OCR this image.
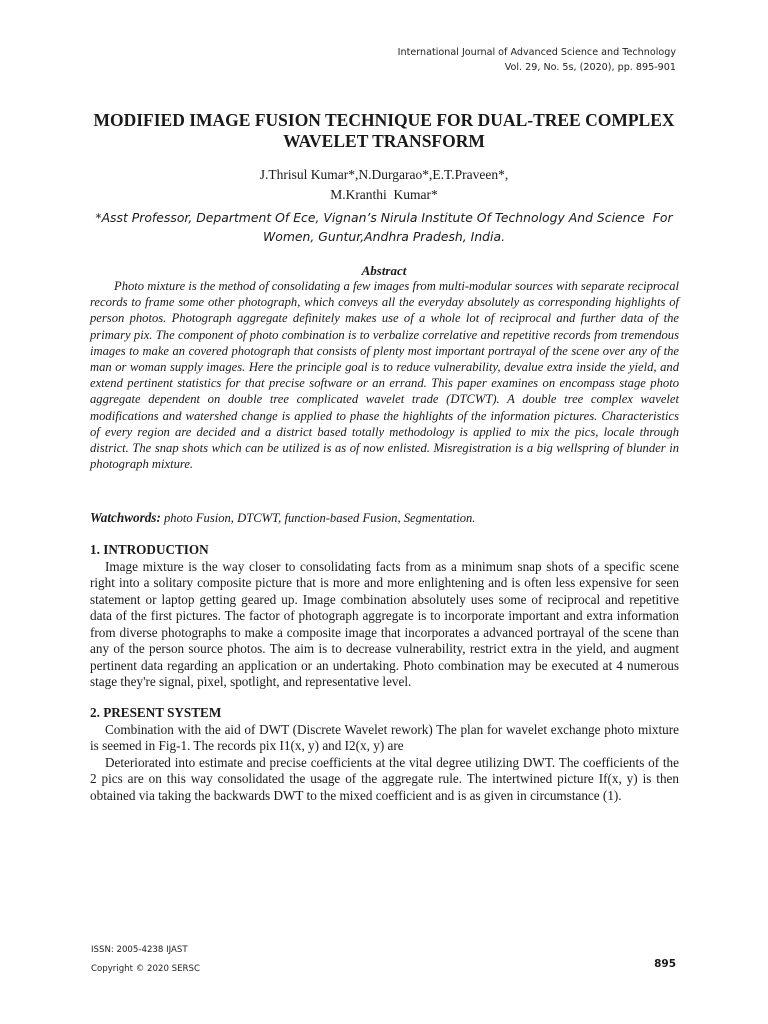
International Journal of Advanced Science and Technology
Vol. 29, No. 5s, (2020), pp. 895-901
MODIFIED IMAGE FUSION TECHNIQUE FOR DUAL-TREE COMPLEX
WAVELET TRANSFORM
J.Thrisul Kumar*,N.Durgarao*,E.T.Praveen*,
M.Kranthi  Kumar*
*Asst Professor, Department Of Ece, Vignan’s Nirula Institute Of Technology And Science  For
Women, Guntur,Andhra Pradesh, India.
Abstract

Photo mixture is the method of consolidating a few images from multi-modular sources with separate reciprocal records to frame some other photograph, which conveys all the everyday absolutely as corresponding highlights of person photos. Photograph aggregate definitely makes use of a whole lot of reciprocal and further data of the primary pix. The component of photo combination is to verbalize correlative and repetitive records from tremendous images to make an covered photograph that consists of plenty most important portrayal of the scene over any of the man or woman supply images. Here the principle goal is to reduce vulnerability, devalue extra inside the yield, and extend pertinent statistics for that precise software or an errand. This paper examines on encompass stage photo aggregate dependent on double tree complicated wavelet trade (DTCWT). A double tree complex wavelet modifications and watershed change is applied to phase the highlights of the information pictures. Characteristics of every region are decided and a district based totally methodology is applied to mix the pics, locale through district. The snap shots which can be utilized is as of now enlisted. Misregistration is a big wellspring of blunder in photograph mixture.

Watchwords: photo Fusion, DTCWT, function-based Fusion, Segmentation.
1. INTRODUCTION

Image mixture is the way closer to consolidating facts from as a minimum snap shots of a specific scene right into a solitary composite picture that is more and more enlightening and is often less expensive for seen statement or laptop getting geared up. Image combination absolutely uses some of reciprocal and repetitive data of the first pictures. The factor of photograph aggregate is to incorporate important and extra information from diverse photographs to make a composite image that incorporates a advanced portrayal of the scene than any of the person source photos. The aim is to decrease vulnerability, restrict extra in the yield, and augment pertinent data regarding an application or an undertaking. Photo combination may be executed at 4 numerous stage they're signal, pixel, spotlight, and representative level.

2. PRESENT SYSTEM

Combination with the aid of DWT (Discrete Wavelet rework) The plan for wavelet exchange photo mixture is seemed in Fig-1. The records pix I1(x, y) and I2(x, y) are

Deteriorated into estimate and precise coefficients at the vital degree utilizing DWT. The coefficients of the 2 pics are on this way consolidated the usage of the aggregate rule. The intertwined picture If(x, y) is then obtained via taking the backwards DWT to the mixed coefficient and is as given in circumstance (1).

ISSN: 2005-4238 IJAST
Copyright © 2020 SERSC	895
